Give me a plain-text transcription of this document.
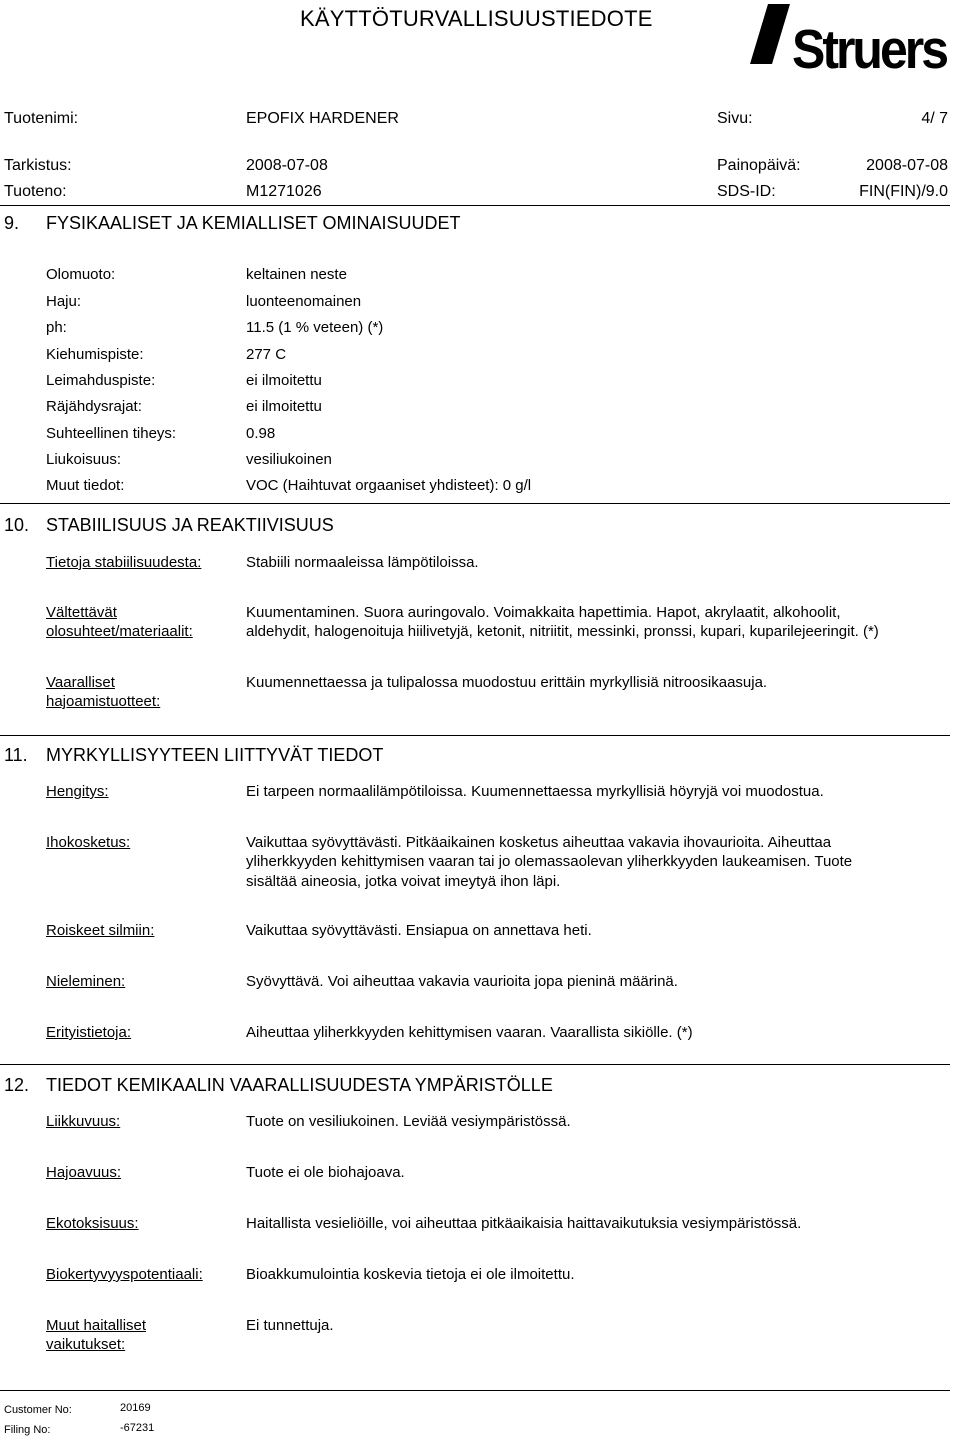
KÄYTTÖTURVALLISUUSTIEDOTE
Struers
Tuotenimi:	EPOFIX HARDENER	Sivu:	4/ 7
Tarkistus:	2008-07-08	Painopäivä:	2008-07-08
Tuoteno:	M1271026	SDS-ID:	FIN(FIN)/9.0
9. FYSIKAALISET JA KEMIALLISET OMINAISUUDET
Olomuoto:	keltainen neste
Haju:	luonteenomainen
ph:	11.5 (1 % veteen) (*)
Kiehumispiste:	277 C
Leimahduspiste:	ei ilmoitettu
Räjähdysrajat:	ei ilmoitettu
Suhteellinen tiheys:	0.98
Liukoisuus:	vesiliukoinen
Muut tiedot:	VOC (Haihtuvat orgaaniset yhdisteet): 0 g/l
10. STABIILISUUS JA REAKTIIVISUUS
Tietoja stabiilisuudesta:	Stabiili normaaleissa lämpötiloissa.
Vältettävät
olosuhteet/materiaalit:
Kuumentaminen. Suora auringovalo. Voimakkaita hapettimia. Hapot, akrylaatit, alkohoolit,
aldehydit, halogenoituja hiilivetyjä, ketonit, nitriitit, messinki, pronssi, kupari, kuparilejeeringit. (*)
Vaaralliset
hajoamistuotteet:
Kuumennettaessa ja tulipalossa muodostuu erittäin myrkyllisiä nitroosikaasuja.
11. MYRKYLLISYYTEEN LIITTYVÄT TIEDOT
Hengitys:	Ei tarpeen normaalilämpötiloissa. Kuumennettaessa myrkyllisiä höyryjä voi muodostua.
Ihokosketus:	Vaikuttaa syövyttävästi. Pitkäaikainen kosketus aiheuttaa vakavia ihovaurioita. Aiheuttaa
yliherkkyyden kehittymisen vaaran tai jo olemassaolevan yliherkkyyden laukeamisen. Tuote
sisältää aineosia, jotka voivat imeytyä ihon läpi.
Roiskeet silmiin:	Vaikuttaa syövyttävästi. Ensiapua on annettava heti.
Nieleminen:	Syövyttävä. Voi aiheuttaa vakavia vaurioita jopa pieninä määrinä.
Erityistietoja:	Aiheuttaa yliherkkyyden kehittymisen vaaran. Vaarallista sikiölle. (*)
12. TIEDOT KEMIKAALIN VAARALLISUUDESTA YMPÄRISTÖLLE
Liikkuvuus:	Tuote on vesiliukoinen. Leviää vesiympäristössä.
Hajoavuus:	Tuote ei ole biohajoava.
Ekotoksisuus:	Haitallista vesieliöille, voi aiheuttaa pitkäaikaisia haittavaikutuksia vesiympäristössä.
Biokertyvyyspotentiaali:	Bioakkumulointia koskevia tietoja ei ole ilmoitettu.
Muut haitalliset
vaikutukset:
Ei tunnettuja.
Customer No:	20169
Filing No:	-67231
